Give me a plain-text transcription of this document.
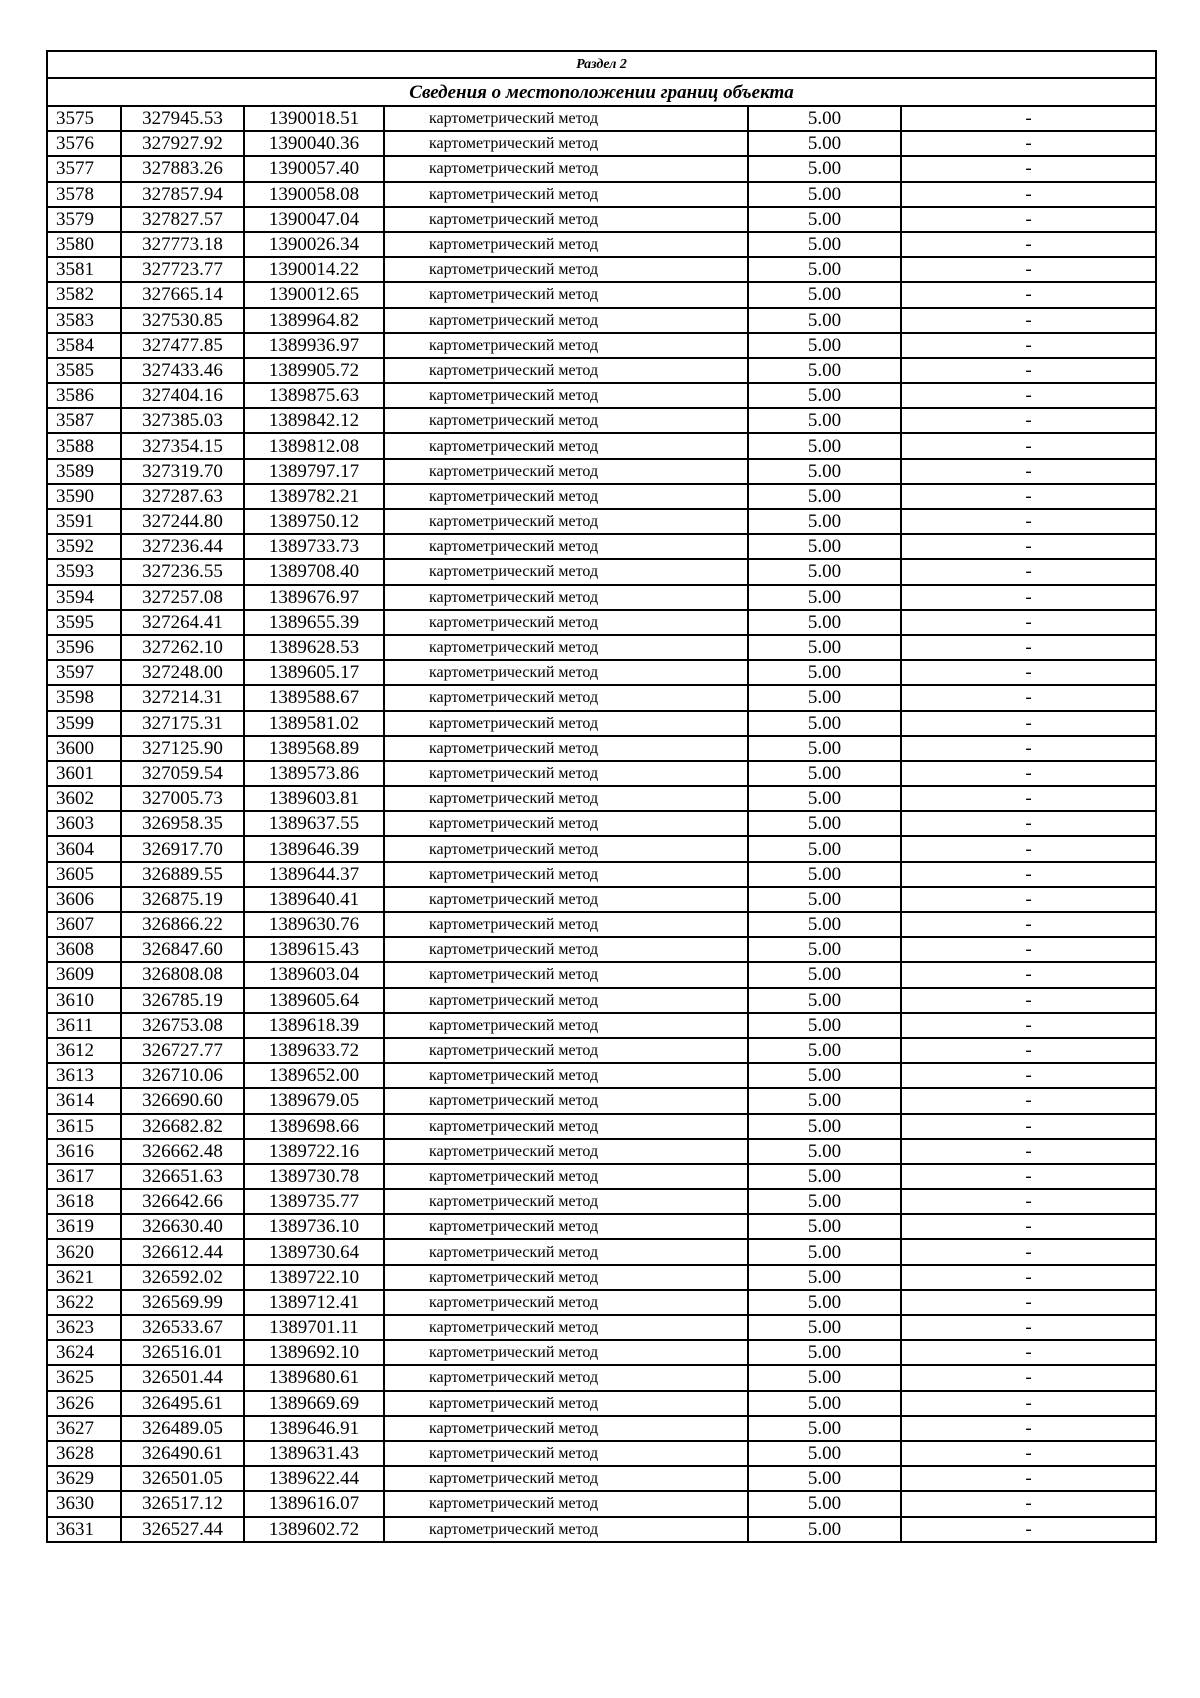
Раздел 2					
Сведения о местоположении границ объекта					
3575	327945.53	1390018.51	картометрический метод	5.00	-
3576	327927.92	1390040.36	картометрический метод	5.00	-
3577	327883.26	1390057.40	картометрический метод	5.00	-
3578	327857.94	1390058.08	картометрический метод	5.00	-
3579	327827.57	1390047.04	картометрический метод	5.00	-
3580	327773.18	1390026.34	картометрический метод	5.00	-
3581	327723.77	1390014.22	картометрический метод	5.00	-
3582	327665.14	1390012.65	картометрический метод	5.00	-
3583	327530.85	1389964.82	картометрический метод	5.00	-
3584	327477.85	1389936.97	картометрический метод	5.00	-
3585	327433.46	1389905.72	картометрический метод	5.00	-
3586	327404.16	1389875.63	картометрический метод	5.00	-
3587	327385.03	1389842.12	картометрический метод	5.00	-
3588	327354.15	1389812.08	картометрический метод	5.00	-
3589	327319.70	1389797.17	картометрический метод	5.00	-
3590	327287.63	1389782.21	картометрический метод	5.00	-
3591	327244.80	1389750.12	картометрический метод	5.00	-
3592	327236.44	1389733.73	картометрический метод	5.00	-
3593	327236.55	1389708.40	картометрический метод	5.00	-
3594	327257.08	1389676.97	картометрический метод	5.00	-
3595	327264.41	1389655.39	картометрический метод	5.00	-
3596	327262.10	1389628.53	картометрический метод	5.00	-
3597	327248.00	1389605.17	картометрический метод	5.00	-
3598	327214.31	1389588.67	картометрический метод	5.00	-
3599	327175.31	1389581.02	картометрический метод	5.00	-
3600	327125.90	1389568.89	картометрический метод	5.00	-
3601	327059.54	1389573.86	картометрический метод	5.00	-
3602	327005.73	1389603.81	картометрический метод	5.00	-
3603	326958.35	1389637.55	картометрический метод	5.00	-
3604	326917.70	1389646.39	картометрический метод	5.00	-
3605	326889.55	1389644.37	картометрический метод	5.00	-
3606	326875.19	1389640.41	картометрический метод	5.00	-
3607	326866.22	1389630.76	картометрический метод	5.00	-
3608	326847.60	1389615.43	картометрический метод	5.00	-
3609	326808.08	1389603.04	картометрический метод	5.00	-
3610	326785.19	1389605.64	картометрический метод	5.00	-
3611	326753.08	1389618.39	картометрический метод	5.00	-
3612	326727.77	1389633.72	картометрический метод	5.00	-
3613	326710.06	1389652.00	картометрический метод	5.00	-
3614	326690.60	1389679.05	картометрический метод	5.00	-
3615	326682.82	1389698.66	картометрический метод	5.00	-
3616	326662.48	1389722.16	картометрический метод	5.00	-
3617	326651.63	1389730.78	картометрический метод	5.00	-
3618	326642.66	1389735.77	картометрический метод	5.00	-
3619	326630.40	1389736.10	картометрический метод	5.00	-
3620	326612.44	1389730.64	картометрический метод	5.00	-
3621	326592.02	1389722.10	картометрический метод	5.00	-
3622	326569.99	1389712.41	картометрический метод	5.00	-
3623	326533.67	1389701.11	картометрический метод	5.00	-
3624	326516.01	1389692.10	картометрический метод	5.00	-
3625	326501.44	1389680.61	картометрический метод	5.00	-
3626	326495.61	1389669.69	картометрический метод	5.00	-
3627	326489.05	1389646.91	картометрический метод	5.00	-
3628	326490.61	1389631.43	картометрический метод	5.00	-
3629	326501.05	1389622.44	картометрический метод	5.00	-
3630	326517.12	1389616.07	картометрический метод	5.00	-
3631	326527.44	1389602.72	картометрический метод	5.00	-
